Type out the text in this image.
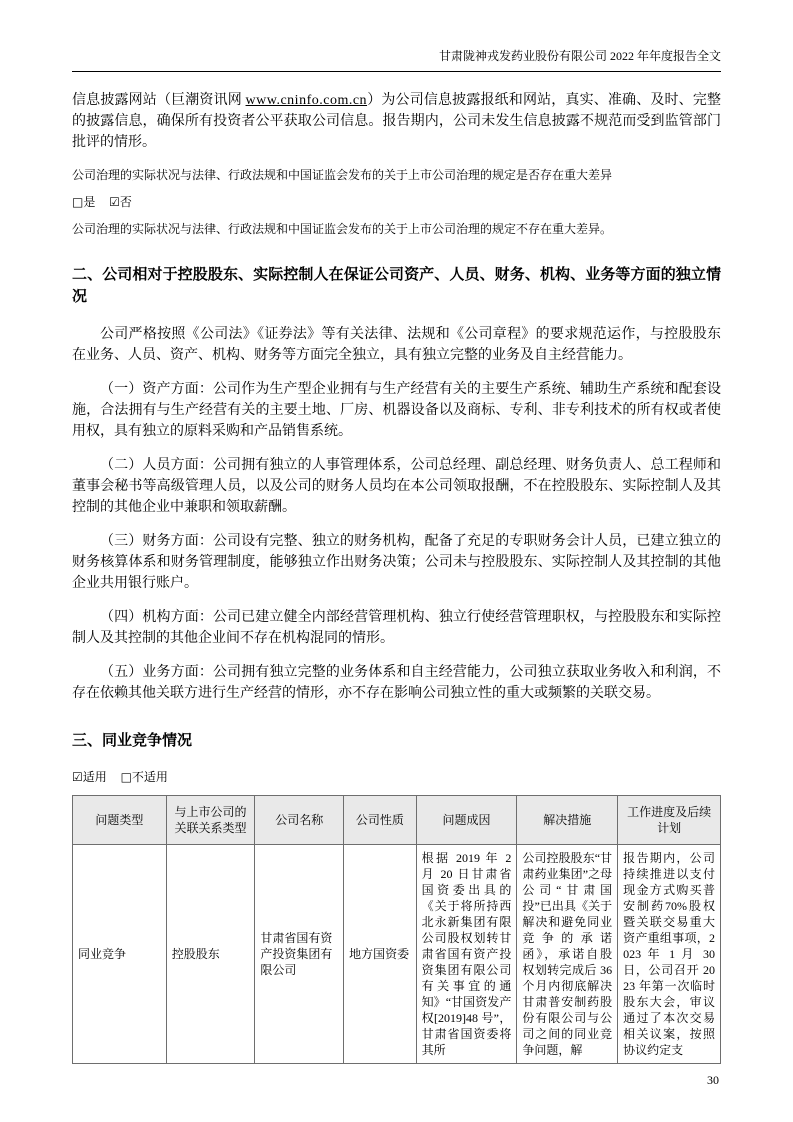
甘肃陇神戎发药业股份有限公司 2022 年年度报告全文

信息披露网站（巨潮资讯网 www.cninfo.com.cn）为公司信息披露报纸和网站，真实、准确、及时、完整的披露信息，确保所有投资者公平获取公司信息。报告期内，公司未发生信息披露不规范而受到监管部门批评的情形。

公司治理的实际状况与法律、行政法规和中国证监会发布的关于上市公司治理的规定是否存在重大差异

□是 ☑否

公司治理的实际状况与法律、行政法规和中国证监会发布的关于上市公司治理的规定不存在重大差异。

二、公司相对于控股股东、实际控制人在保证公司资产、人员、财务、机构、业务等方面的独立情况

公司严格按照《公司法》《证券法》等有关法律、法规和《公司章程》的要求规范运作，与控股股东在业务、人员、资产、机构、财务等方面完全独立，具有独立完整的业务及自主经营能力。

（一）资产方面：公司作为生产型企业拥有与生产经营有关的主要生产系统、辅助生产系统和配套设施，合法拥有与生产经营有关的主要土地、厂房、机器设备以及商标、专利、非专利技术的所有权或者使用权，具有独立的原料采购和产品销售系统。

（二）人员方面：公司拥有独立的人事管理体系，公司总经理、副总经理、财务负责人、总工程师和董事会秘书等高级管理人员，以及公司的财务人员均在本公司领取报酬，不在控股股东、实际控制人及其控制的其他企业中兼职和领取薪酬。

（三）财务方面：公司设有完整、独立的财务机构，配备了充足的专职财务会计人员，已建立独立的财务核算体系和财务管理制度，能够独立作出财务决策；公司未与控股股东、实际控制人及其控制的其他企业共用银行账户。

（四）机构方面：公司已建立健全内部经营管理机构、独立行使经营管理职权，与控股股东和实际控制人及其控制的其他企业间不存在机构混同的情形。

（五）业务方面：公司拥有独立完整的业务体系和自主经营能力，公司独立获取业务收入和利润，不存在依赖其他关联方进行生产经营的情形，亦不存在影响公司独立性的重大或频繁的关联交易。

三、同业竞争情况

☑适用 □不适用

问题类型	与上市公司的关联关系类型	公司名称	公司性质	问题成因	解决措施	工作进度及后续计划
同业竞争	控股股东	甘肃省国有资产投资集团有限公司	地方国资委	根据 2019 年 2 月 20 日甘肃省国资委出具的《关于将所持西北永新集团有限公司股权划转甘肃省国有资产投资集团有限公司有关事宜的通知》“甘国资发产权[2019]48 号”，甘肃省国资委将其所	公司控股股东“甘肃药业集团”之母公司“甘肃国投”已出具《关于解决和避免同业竞争的承诺函》，承诺自股权划转完成后 36 个月内彻底解决甘肃普安制药股份有限公司与公司之间的同业竞争问题，解	报告期内，公司持续推进以支付现金方式购买普安制药70%股权暨关联交易重大资产重组事项，2023 年 1 月 30 日，公司召开 2023 年第一次临时股东大会，审议通过了本次交易相关议案，按照协议约定支
30
